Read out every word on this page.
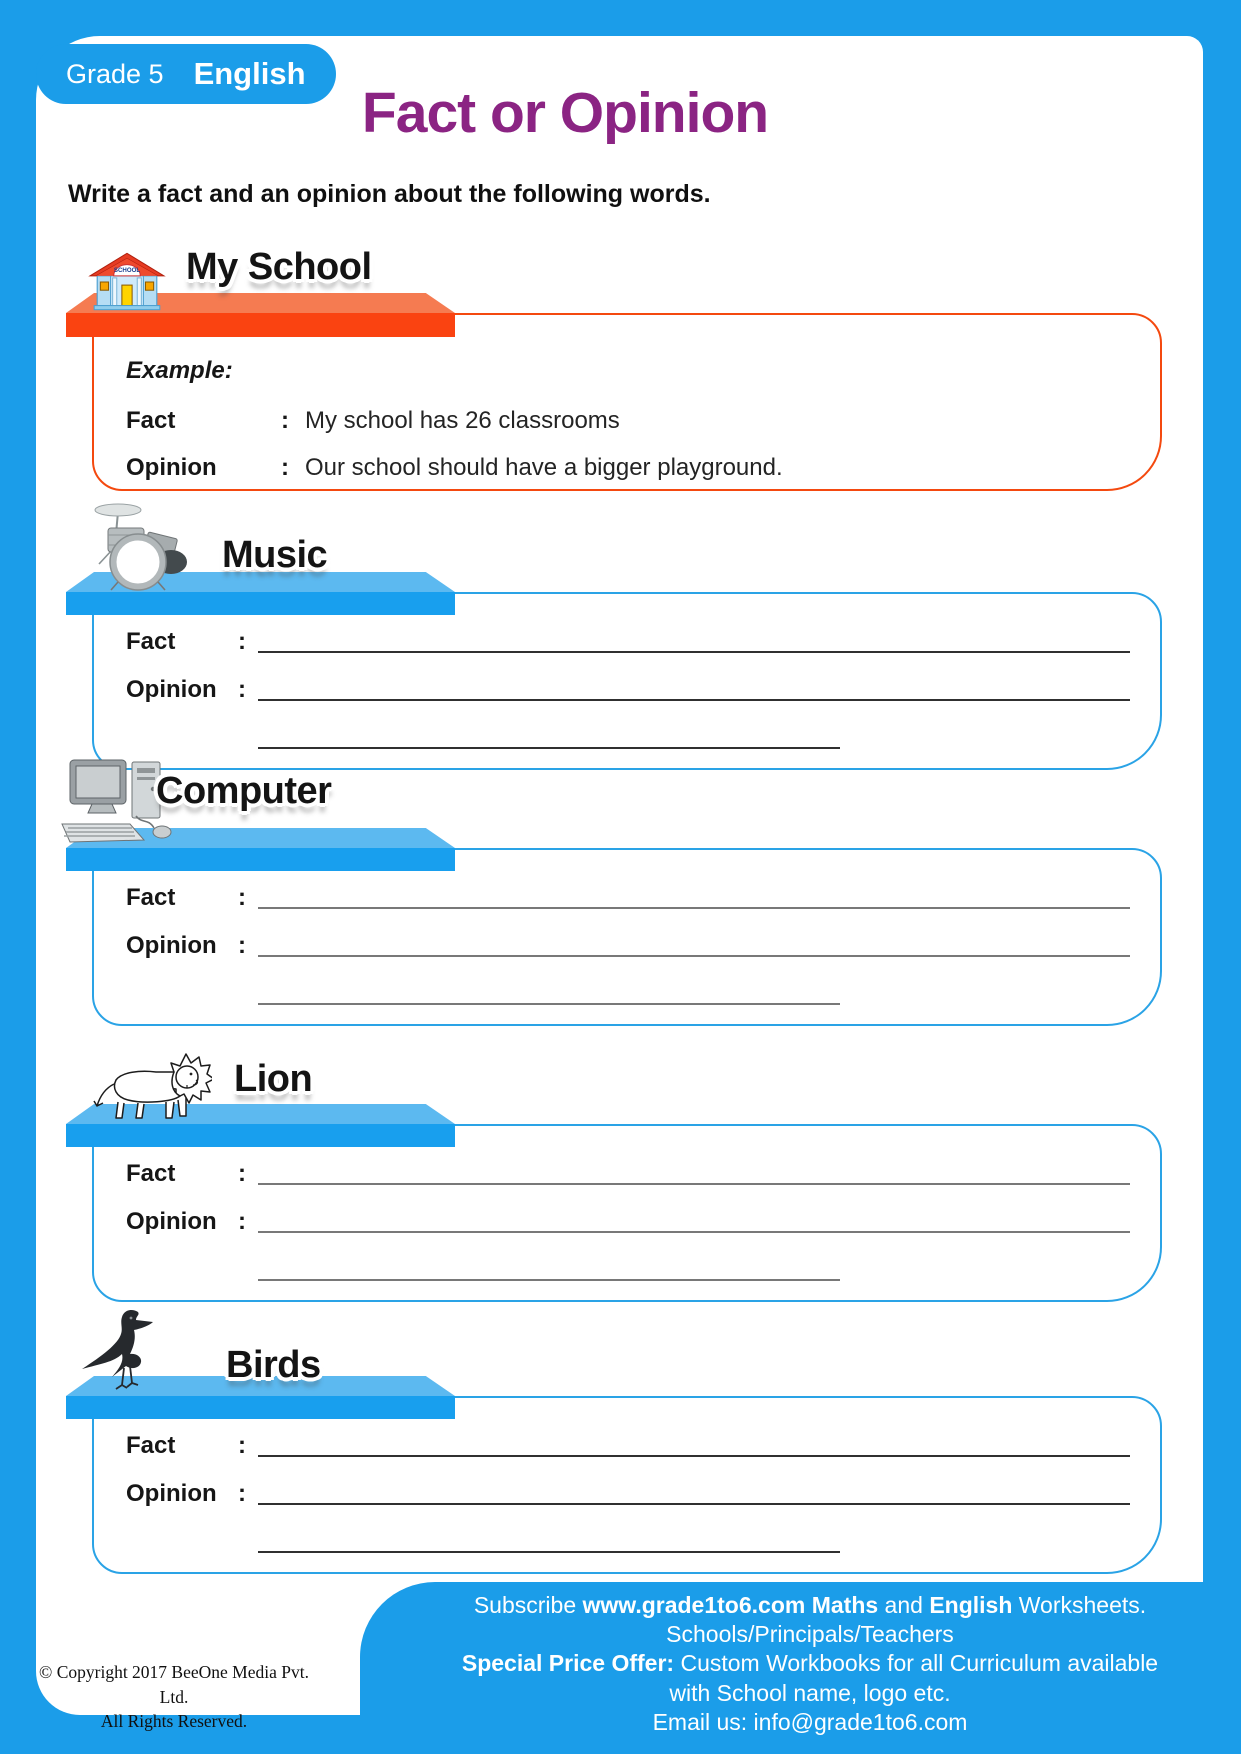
Grade 5 English
Fact or Opinion
Write a fact and an opinion about the following words.
Example:
Fact	: My school has 26 classrooms
Opinion	: Our school should have a bigger playground.
My School
SCHOOL
Fact	:
Opinion :
Music
Fact	:
Opinion :
Computer
Fact	:
Opinion :
Lion
Fact	:
Opinion :
Birds
Subscribe www.grade1to6.com Maths and English Worksheets.
Schools/Principals/Teachers
Special Price Offer: Custom Workbooks for all Curriculum available
with School name, logo etc.
Email us: info@grade1to6.com
© Copyright 2017 BeeOne Media Pvt. Ltd.
All Rights Reserved.
